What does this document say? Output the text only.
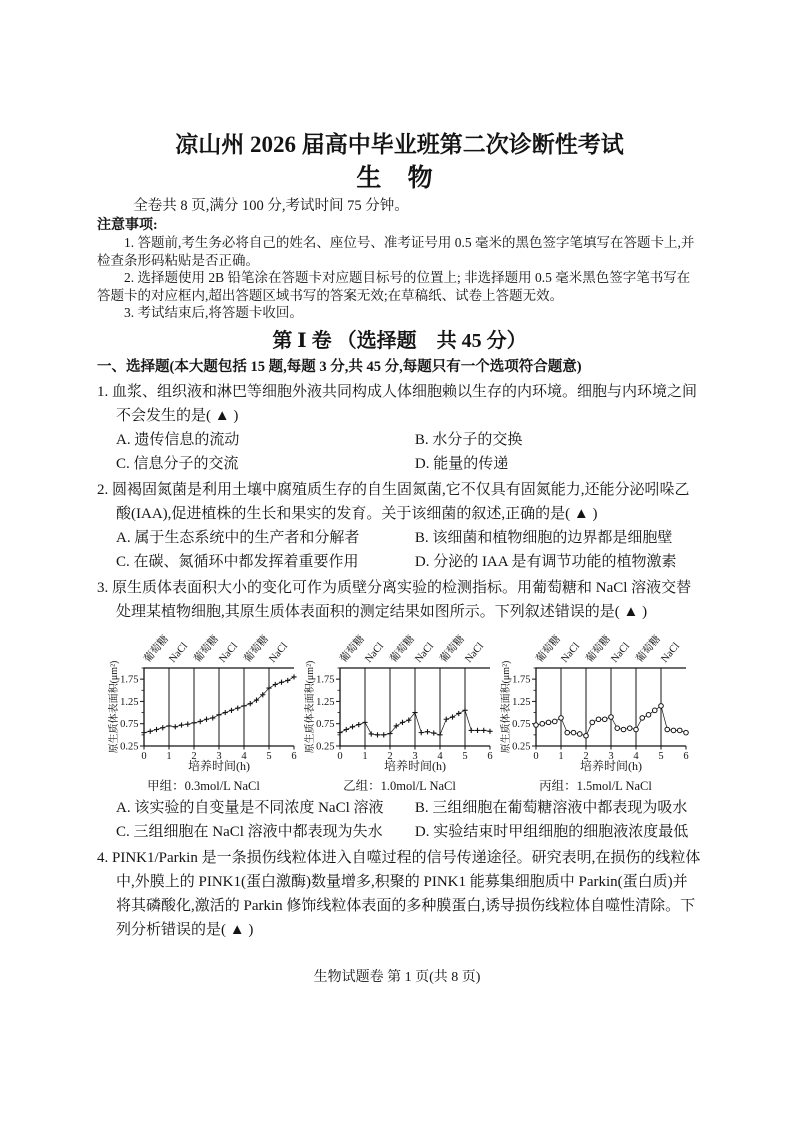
凉山州 2026 届高中毕业班第二次诊断性考试
生 物
全卷共 8 页,满分 100 分,考试时间 75 分钟。
注意事项:

1. 答题前,考生务必将自己的姓名、座位号、准考证号用 0.5 毫米的黑色签字笔填写在答题卡上,并检查条形码粘贴是否正确。

2. 选择题使用 2B 铅笔涂在答题卡对应题目标号的位置上; 非选择题用 0.5 毫米黑色签字笔书写在答题卡的对应框内,超出答题区域书写的答案无效;在草稿纸、试卷上答题无效。

3. 考试结束后,将答题卡收回。

第 Ⅰ 卷 （选择题　共 45 分）
一、选择题(本大题包括 15 题,每题 3 分,共 45 分,每题只有一个选项符合题意)
1. 血浆、组织液和淋巴等细胞外液共同构成人体细胞赖以生存的内环境。细胞与内环境之间不会发生的是( ▲ )
A. 遗传信息的流动	B. 水分子的交换
C. 信息分子的交流	D. 能量的传递
2. 圆褐固氮菌是利用土壤中腐殖质生存的自生固氮菌,它不仅具有固氮能力,还能分泌吲哚乙酸(IAA),促进植株的生长和果实的发育。关于该细菌的叙述,正确的是( ▲ )
A. 属于生态系统中的生产者和分解者	B. 该细菌和植物细胞的边界都是细胞壁
C. 在碳、氮循环中都发挥着重要作用	D. 分泌的 IAA 是有调节功能的植物激素
3. 原生质体表面积大小的变化可作为质壁分离实验的检测指标。用葡萄糖和 NaCl 溶液交替处理某植物细胞,其原生质体表面积的测定结果如图所示。下列叙述错误的是( ▲ )
0.25
0.75
1.25
1.75
0 1 2 3 4 5 6
葡萄糖
NaCl 葡萄糖
NaCl 葡萄糖
NaCl
原生质体表面积(μm²)
培养时间(h)
甲组：0.3mol/L NaCl
0.25
0.75
1.25
1.75
0 1 2 3 4 5 6
葡萄糖
NaCl 葡萄糖
NaCl 葡萄糖
NaCl
原生质体表面积(μm²)
培养时间(h)
乙组：1.0mol/L NaCl
0.25
0.75
1.25
1.75
0 1 2 3 4 5 6
葡萄糖
NaCl 葡萄糖
NaCl 葡萄糖
NaCl
原生质体表面积(μm²)
培养时间(h)
丙组：1.5mol/L NaCl
A. 该实验的自变量是不同浓度 NaCl 溶液	B. 三组细胞在葡萄糖溶液中都表现为吸水
C. 三组细胞在 NaCl 溶液中都表现为失水	D. 实验结束时甲组细胞的细胞液浓度最低
4. PINK1/Parkin 是一条损伤线粒体进入自噬过程的信号传递途径。研究表明,在损伤的线粒体中,外膜上的 PINK1(蛋白激酶)数量增多,积聚的 PINK1 能募集细胞质中 Parkin(蛋白质)并将其磷酸化,激活的 Parkin 修饰线粒体表面的多种膜蛋白,诱导损伤线粒体自噬性清除。下列分析错误的是( ▲ )
生物试题卷 第 1 页(共 8 页)
